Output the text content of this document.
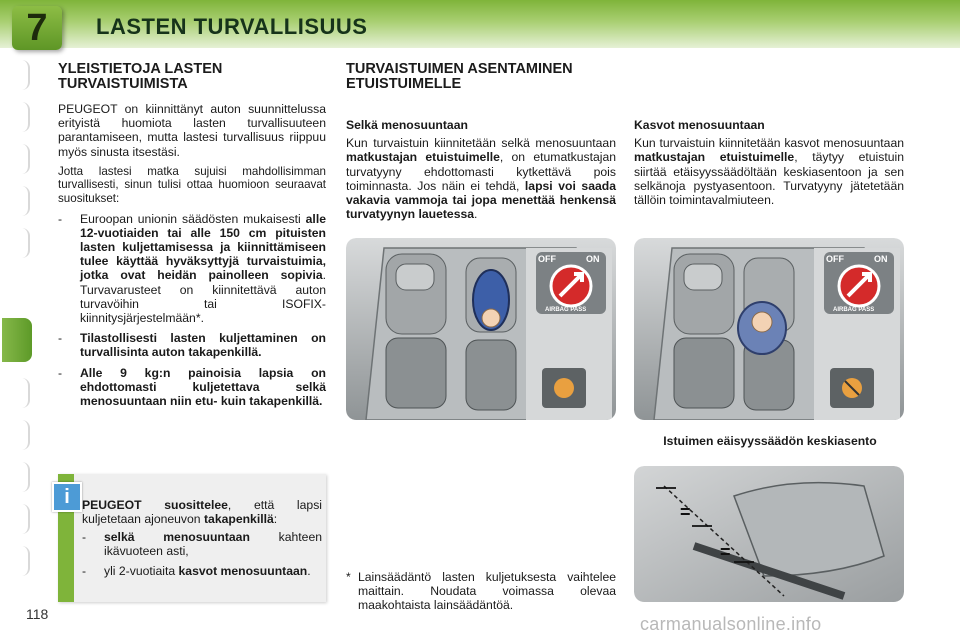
7	LASTEN TURVALLISUUS
YLEISTIETOJA LASTEN TURVAISTUIMISTA

PEUGEOT on kiinnittänyt auton suunnittelussa erityistä huomiota lasten turvallisuuteen parantamiseen, mutta lastesi turvallisuus riippuu myös sinusta itsestäsi.

Jotta lastesi matka sujuisi mahdollisimman turvallisesti, sinun tulisi ottaa huomioon seuraavat suositukset:

- Euroopan unionin säädösten mukaisesti alle 12-vuotiaiden tai alle 150 cm pituisten lasten kuljettamisessa ja kiinnittämiseen tulee käyttää hyväksyttyjä turvaistuimia, jotka ovat heidän painolleen sopivia. Turvavarusteet on kiinnitettävä auton turvavöihin tai ISOFIX-kiinnitysjärjestelmään*.
- Tilastollisesti lasten kuljettaminen on turvallisinta auton takapenkillä.
- Alle 9 kg:n painoisia lapsia on ehdottomasti kuljetettava selkä menosuuntaan niin etu- kuin takapenkillä.
i	PEUGEOT suosittelee, että lapsi kuljetetaan ajoneuvon takapenkillä:

- selkä menosuuntaan kahteen ikävuoteen asti,
- yli 2-vuotiaita kasvot menosuuntaan.
118
TURVAISTUIMEN ASENTAMINEN ETUISTUIMELLE
Selkä menosuuntaan

Kun turvaistuin kiinnitetään selkä menosuuntaan matkustajan etuistuimelle, on etumatkustajan turvatyyny ehdottomasti kytkettävä pois toiminnasta. Jos näin ei tehdä, lapsi voi saada vakavia vammoja tai jopa menettää henkensä turvatyynyn lauetessa.

Kasvot menosuuntaan

Kun turvaistuin kiinnitetään kasvot menosuuntaan matkustajan etuistuimelle, täytyy etuistuin siirtää etäisyyssäädöltään keskiasentoon ja sen selkänoja pystyasentoon. Turvatyyny jätetetään tällöin toimintavalmiuteen.

OFF	ON
AIRBAG PASS
OFF	ON
AIRBAG PASS
Istuimen eäisyyssäädön keskiasento
=
=
* Lainsäädäntö lasten kuljetuksesta vaihtelee maittain. Noudata voimassa olevaa maakohtaista lainsäädäntöä.
carmanualsonline.info
